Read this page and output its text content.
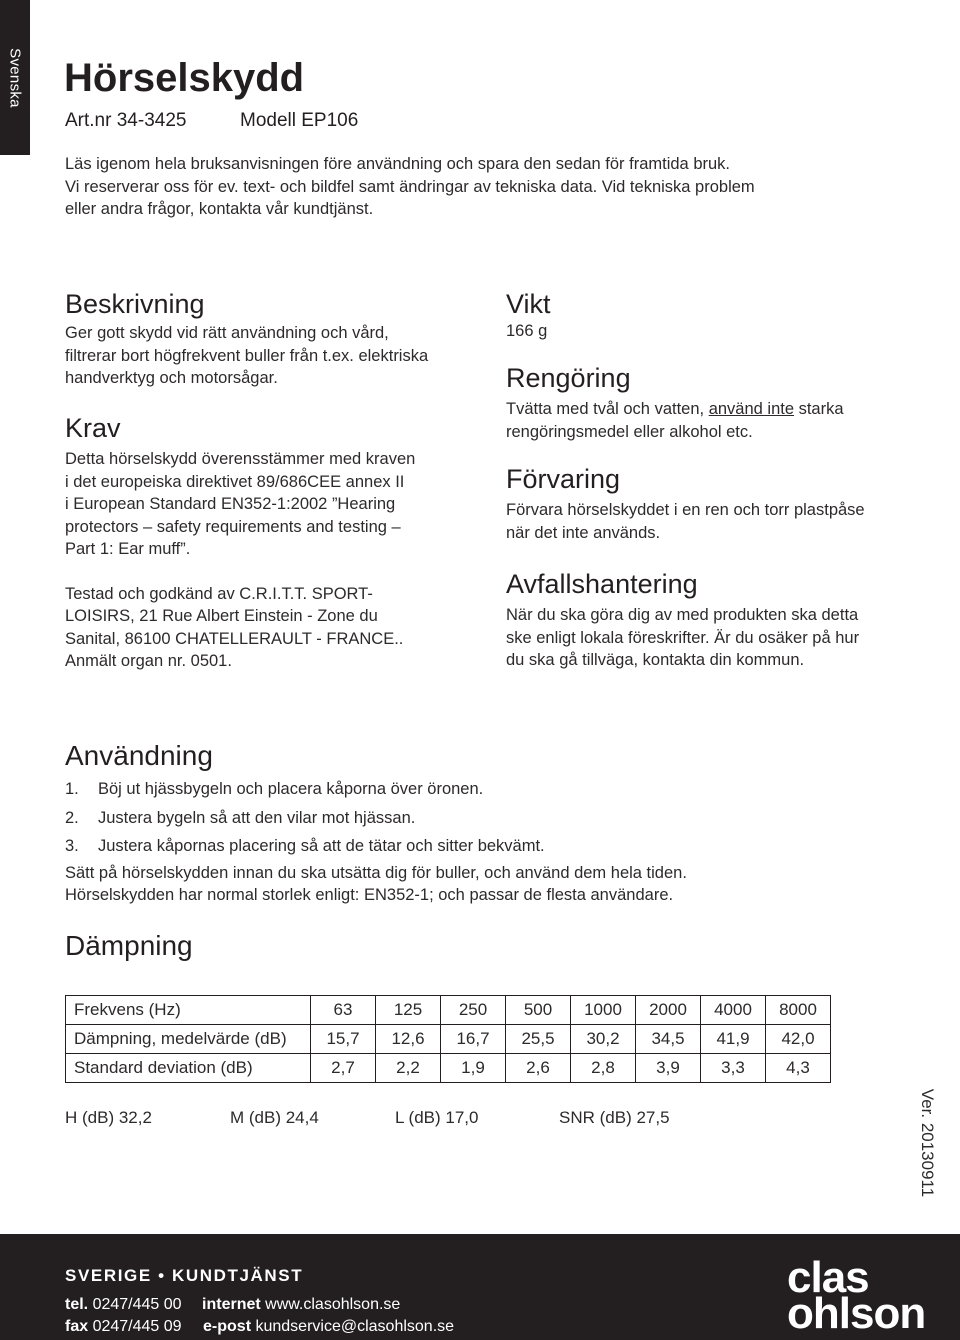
Svenska Hörselskydd
Art.nr 34-3425	Modell EP106

Läs igenom hela bruksanvisningen före användning och spara den sedan för framtida bruk.

Vi reserverar oss för ev. text- och bildfel samt ändringar av tekniska data. Vid tekniska problem

eller andra frågor, kontakta vår kundtjänst.

Beskrivning

Ger gott skydd vid rätt användning och vård,

filtrerar bort högfrekvent buller från t.ex. elektriska

handverktyg och motorsågar.

Krav

Detta hörselskydd överensstämmer med kraven

i det europeiska direktivet 89/686CEE annex II

i European Standard EN352-1:2002 ”Hearing

protectors – safety requirements and testing –

Part 1: Ear muff”.

Testad och godkänd av C.R.I.T.T. SPORT-

LOISIRS, 21 Rue Albert Einstein - Zone du

Sanital, 86100 CHATELLERAULT - FRANCE..

Anmält organ nr. 0501.

Vikt

166 g

Rengöring

Tvätta med tvål och vatten, använd inte starka

rengöringsmedel eller alkohol etc.

Förvaring

Förvara hörselskyddet i en ren och torr plastpåse

när det inte används.

Avfallshantering

När du ska göra dig av med produkten ska detta

ske enligt lokala föreskrifter. Är du osäker på hur

du ska gå tillväga, kontakta din kommun.

Användning
1. Böj ut hjässbygeln och placera kåporna över öronen.
2. Justera bygeln så att den vilar mot hjässan.
3. Justera kåpornas placering så att de tätar och sitter bekvämt.

Sätt på hörselskydden innan du ska utsätta dig för buller, och använd dem hela tiden.

Hörselskydden har normal storlek enligt: EN352-1; och passar de flesta användare.

Dämpning
Frekvens (Hz)	63	125	250	500	1000	2000	4000	8000
Dämpning, medelvärde (dB)	15,7	12,6	16,7	25,5	30,2	34,5	41,9	42,0
Standard deviation (dB)	2,7	2,2	1,9	2,6	2,8	3,9	3,3	4,3
H (dB) 32,2	M (dB) 24,4	L (dB) 17,0	SNR (dB) 27,5	Ver. 20130911
SVERIGE • KUNDTJÄNST
tel. 0247/445 00 internet www.clasohlson.se
fax 0247/445 09 e-post kundservice@clasohlson.se
clas
ohlson
